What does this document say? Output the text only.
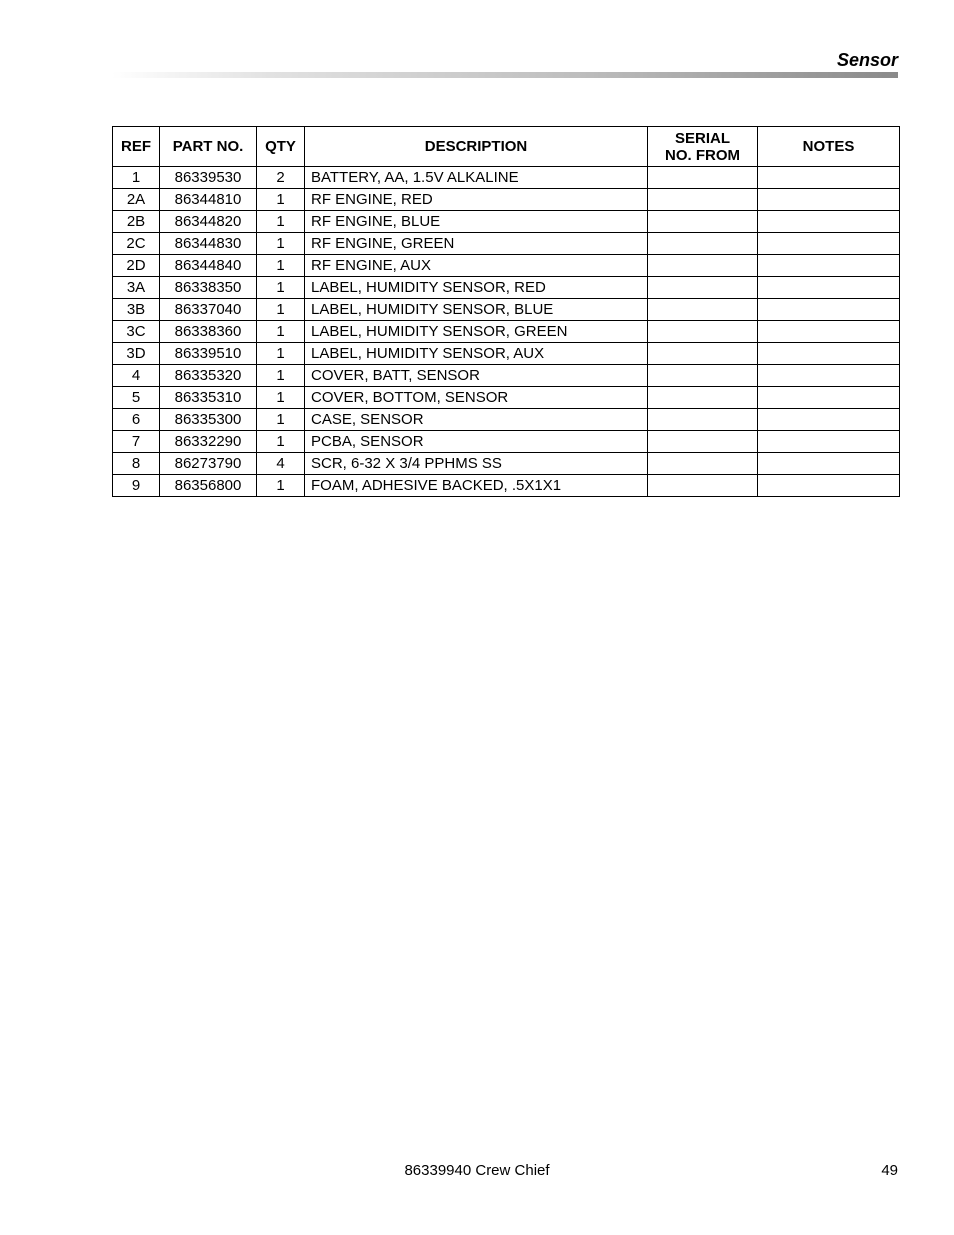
Sensor
REF	PART NO.	QTY	DESCRIPTION	SERIAL NO. FROM	NOTES
1	86339530	2	BATTERY, AA, 1.5V ALKALINE		
2A	86344810	1	RF ENGINE, RED		
2B	86344820	1	RF ENGINE, BLUE		
2C	86344830	1	RF ENGINE, GREEN		
2D	86344840	1	RF ENGINE, AUX		
3A	86338350	1	LABEL, HUMIDITY SENSOR, RED		
3B	86337040	1	LABEL, HUMIDITY SENSOR, BLUE		
3C	86338360	1	LABEL, HUMIDITY SENSOR, GREEN		
3D	86339510	1	LABEL, HUMIDITY SENSOR, AUX		
4	86335320	1	COVER, BATT, SENSOR		
5	86335310	1	COVER, BOTTOM, SENSOR		
6	86335300	1	CASE, SENSOR		
7	86332290	1	PCBA, SENSOR		
8	86273790	4	SCR, 6-32 X 3/4 PPHMS SS		
9	86356800	1	FOAM, ADHESIVE BACKED, .5X1X1		
86339940 Crew Chief	49
